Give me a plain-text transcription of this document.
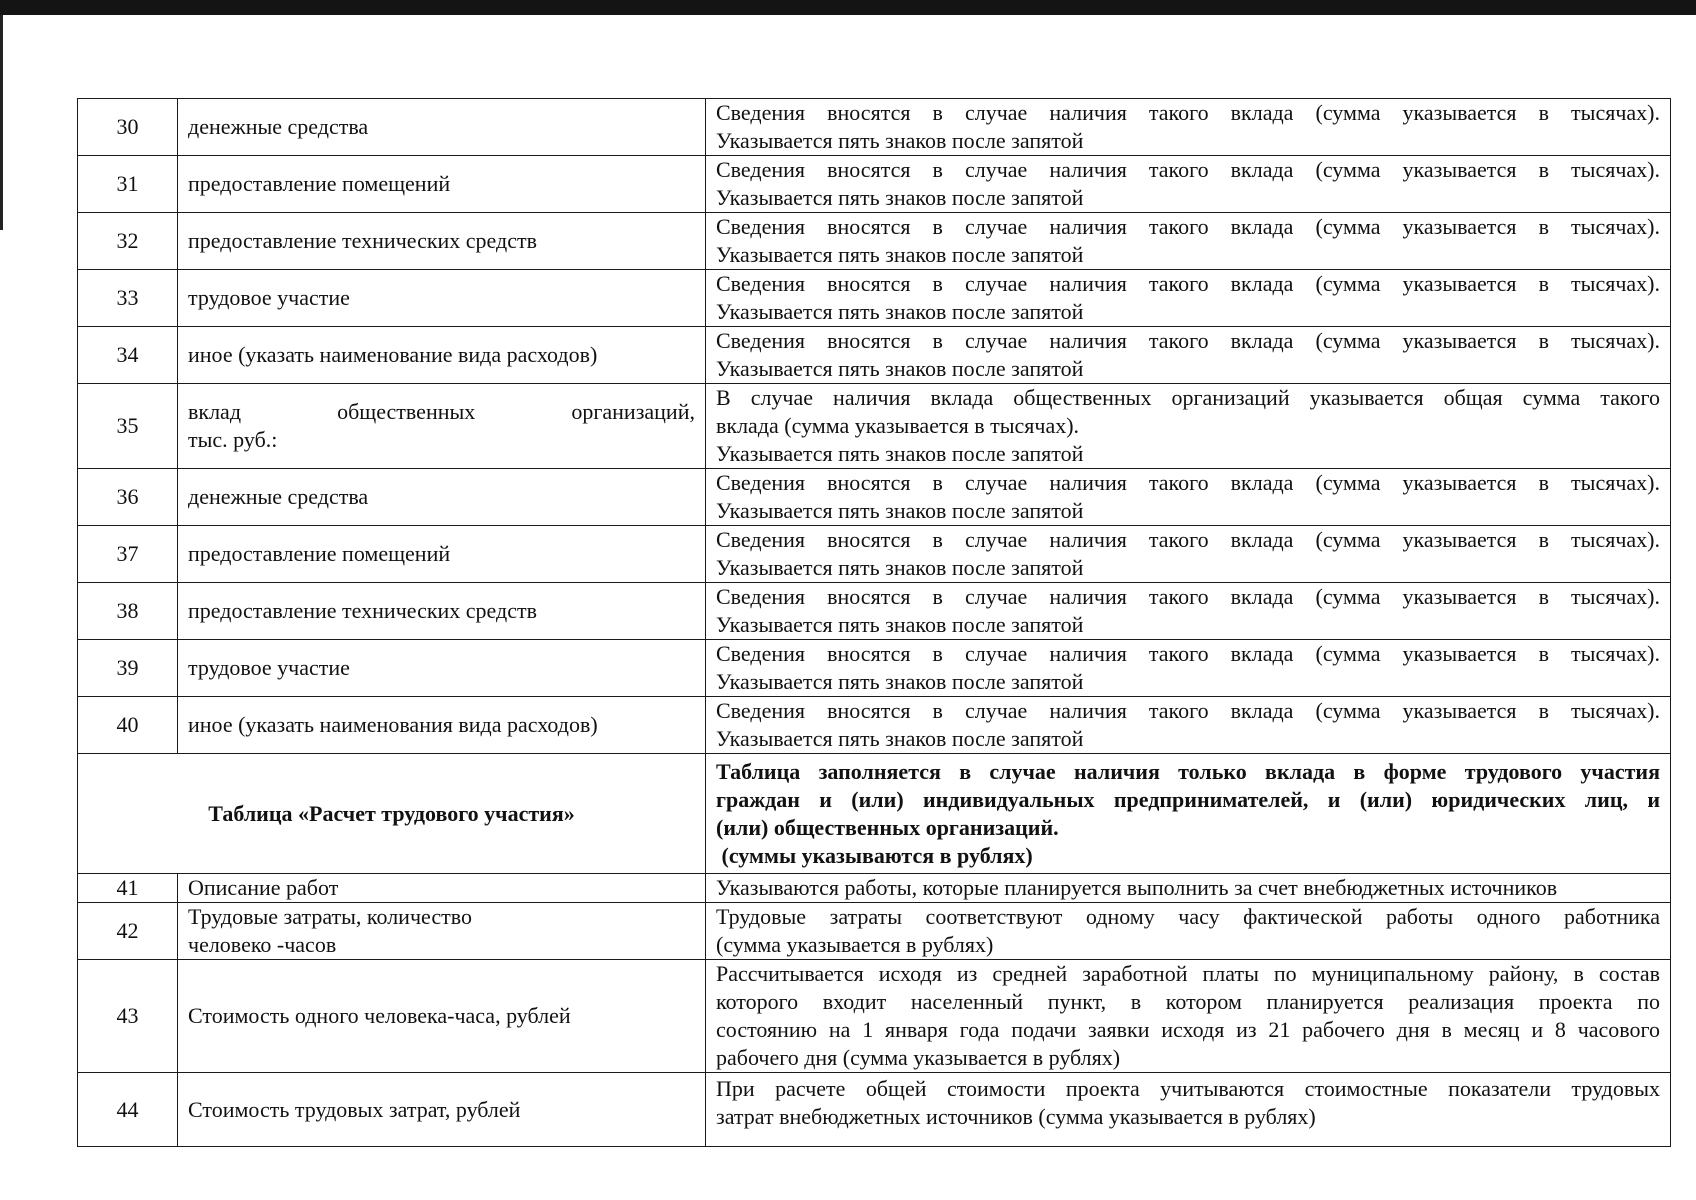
30	денежные средства	Сведения вносятся в случае наличия такого вклада (сумма указывается в тысячах).
Указывается пять знаков после запятой

31	предоставление помещений	Сведения вносятся в случае наличия такого вклада (сумма указывается в тысячах).
Указывается пять знаков после запятой

32	предоставление технических средств	Сведения вносятся в случае наличия такого вклада (сумма указывается в тысячах).
Указывается пять знаков после запятой

33	трудовое участие	Сведения вносятся в случае наличия такого вклада (сумма указывается в тысячах).
Указывается пять знаков после запятой

34	иное (указать наименование вида расходов)	Сведения вносятся в случае наличия такого вклада (сумма указывается в тысячах).
Указывается пять знаков после запятой

35	вклад общественных организаций,
тыс. руб.:	В случае наличия вклада общественных организаций указывается общая сумма такого
вклада (сумма указывается в тысячах).
Указывается пять знаков после запятой

36	денежные средства	Сведения вносятся в случае наличия такого вклада (сумма указывается в тысячах).
Указывается пять знаков после запятой

37	предоставление помещений	Сведения вносятся в случае наличия такого вклада (сумма указывается в тысячах).
Указывается пять знаков после запятой

38	предоставление технических средств	Сведения вносятся в случае наличия такого вклада (сумма указывается в тысячах).
Указывается пять знаков после запятой

39	трудовое участие	Сведения вносятся в случае наличия такого вклада (сумма указывается в тысячах).
Указывается пять знаков после запятой

40	иное (указать наименования вида расходов)	Сведения вносятся в случае наличия такого вклада (сумма указывается в тысячах).
Указывается пять знаков после запятой

Таблица «Расчет трудового участия»		Таблица заполняется в случае наличия только вклада в форме трудового участия
граждан и (или) индивидуальных предпринимателей, и (или) юридических лиц, и
(или) общественных организаций.
(суммы указываются в рублях)

41	Описание работ	Указываются работы, которые планируется выполнить за счет внебюджетных источников
42	Трудовые затраты, количество
человеко -часов	Трудовые затраты соответствуют одному часу фактической работы одного работника
(сумма указывается в рублях)

43	Стоимость одного человека-часа, рублей	Рассчитывается исходя из средней заработной платы по муниципальному району, в состав
которого входит населенный пункт, в котором планируется реализация проекта по
состоянию на 1 января года подачи заявки исходя из 21 рабочего дня в месяц и 8 часового
рабочего дня (сумма указывается в рублях)

44	Стоимость трудовых затрат, рублей	При расчете общей стоимости проекта учитываются стоимостные показатели трудовых
затрат внебюджетных источников (сумма указывается в рублях)
